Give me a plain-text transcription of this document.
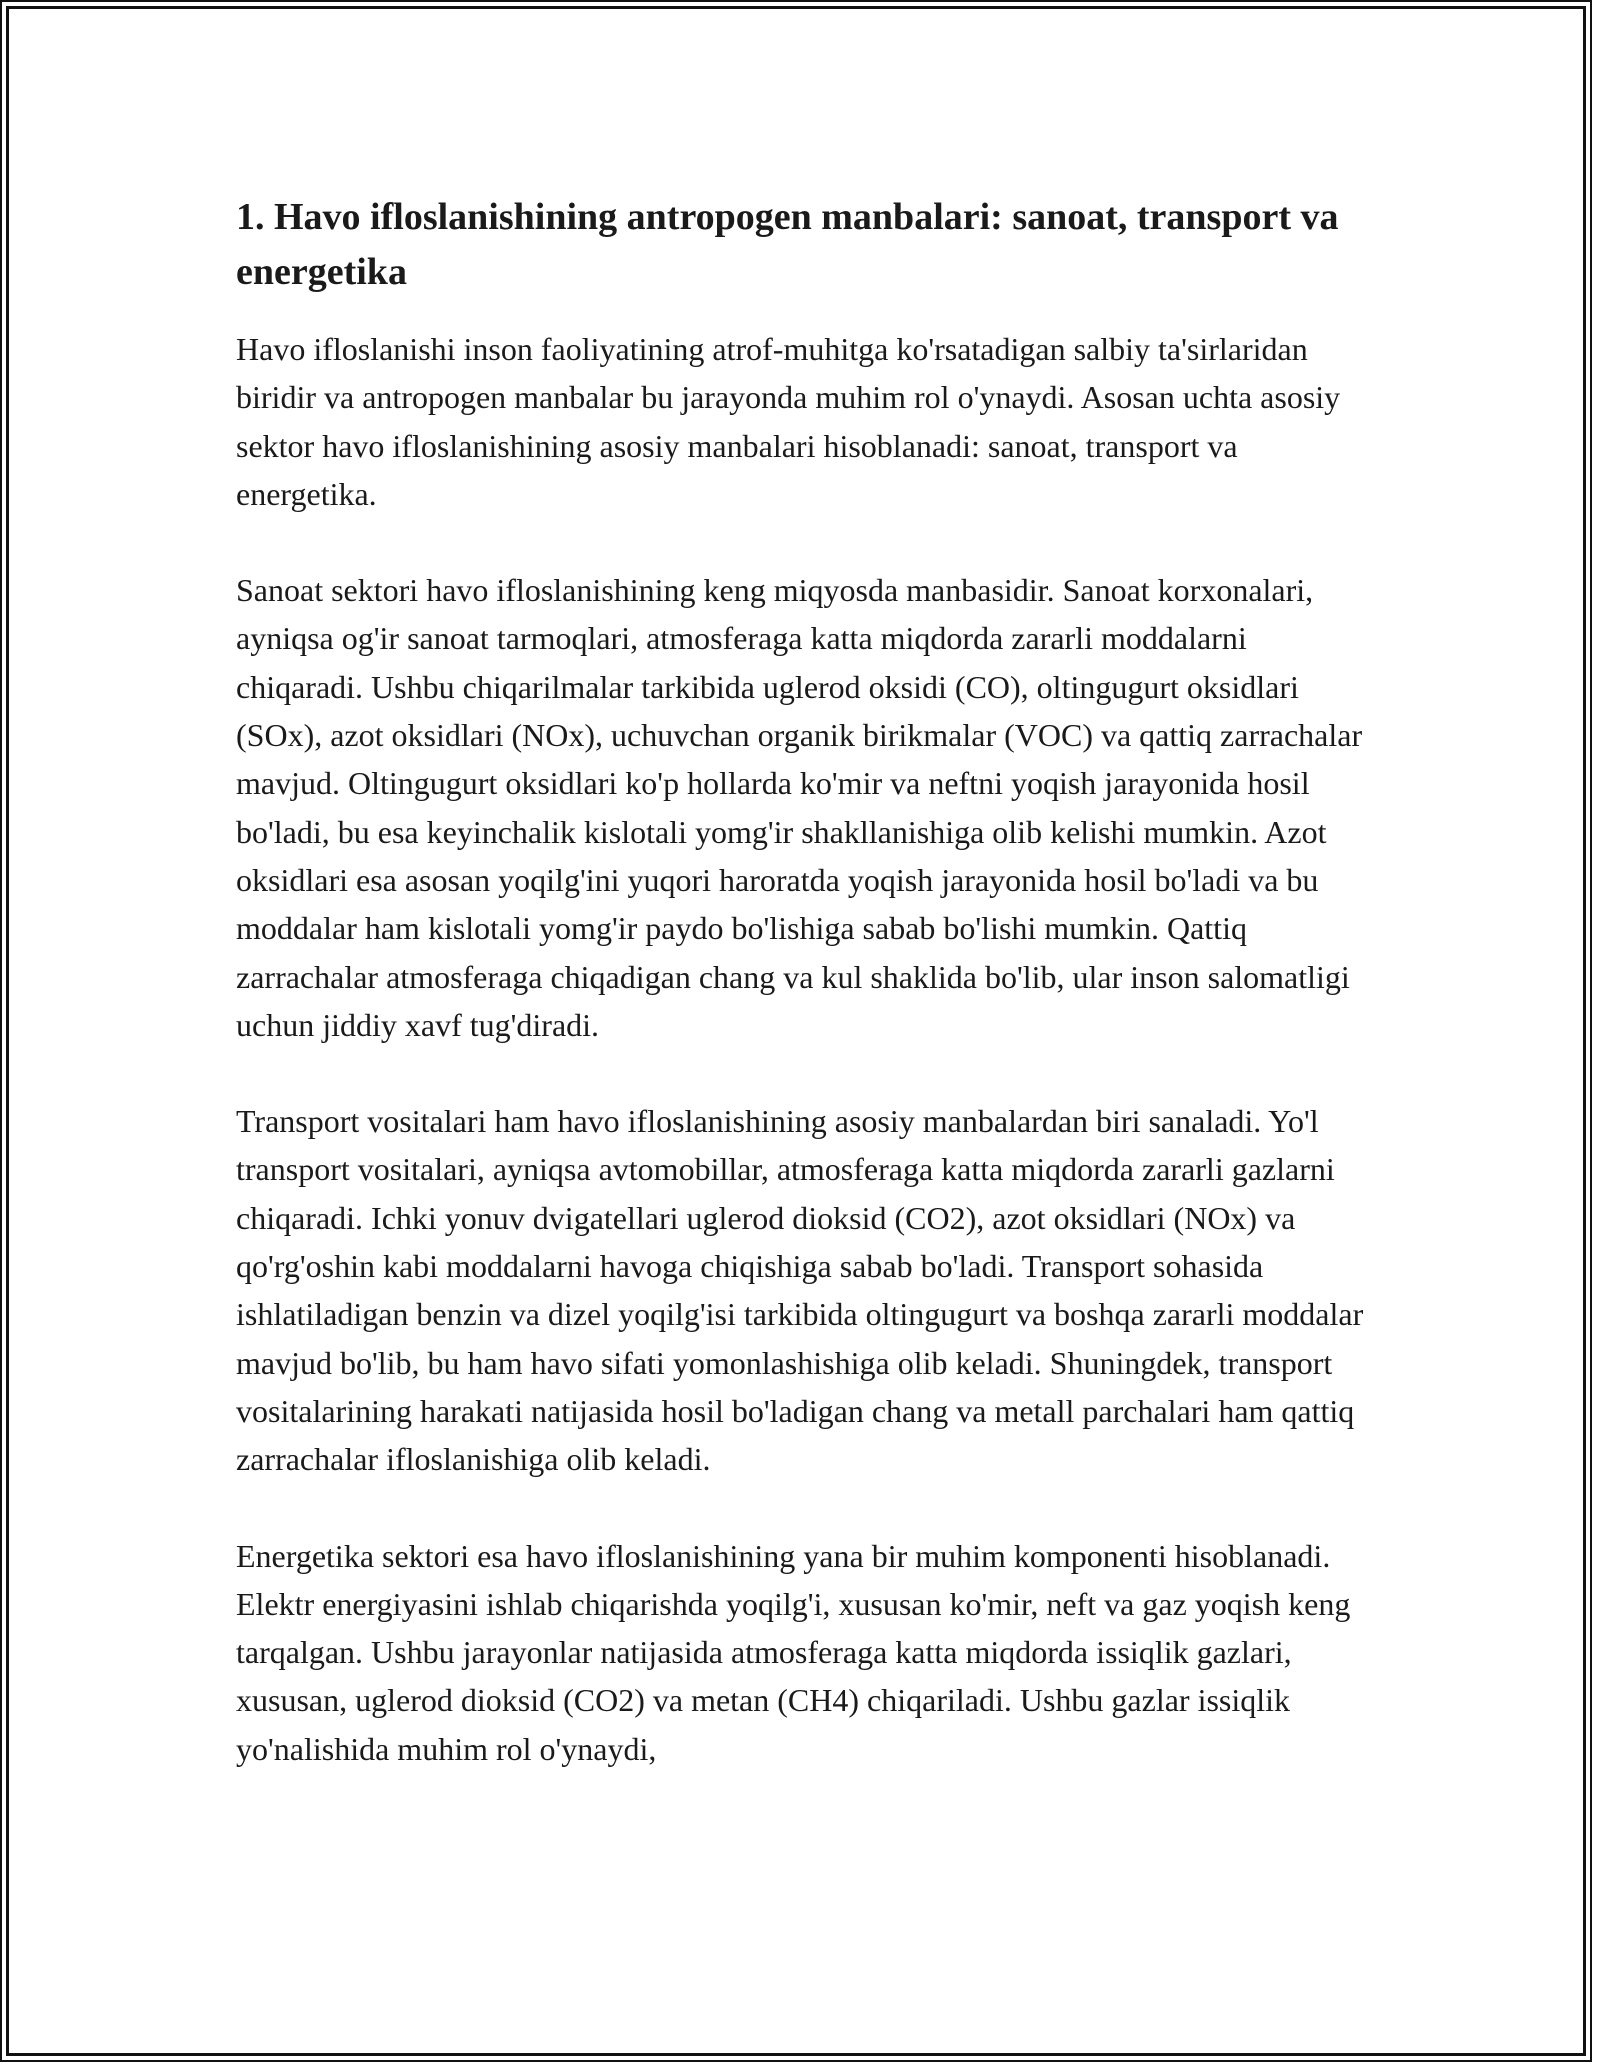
1. Havo ifloslanishining antropogen manbalari: sanoat, transport va energetika

Havo ifloslanishi inson faoliyatining atrof-muhitga ko'rsatadigan salbiy ta'sirlaridan biridir va antropogen manbalar bu jarayonda muhim rol o'ynaydi. Asosan uchta asosiy sektor havo ifloslanishining asosiy manbalari hisoblanadi: sanoat, transport va energetika.

Sanoat sektori havo ifloslanishining keng miqyosda manbasidir. Sanoat korxonalari, ayniqsa og'ir sanoat tarmoqlari, atmosferaga katta miqdorda zararli moddalarni chiqaradi. Ushbu chiqarilmalar tarkibida uglerod oksidi (CO), oltingugurt oksidlari (SOx), azot oksidlari (NOx), uchuvchan organik birikmalar (VOC) va qattiq zarrachalar mavjud. Oltingugurt oksidlari ko'p hollarda ko'mir va neftni yoqish jarayonida hosil bo'ladi, bu esa keyinchalik kislotali yomg'ir shakllanishiga olib kelishi mumkin. Azot oksidlari esa asosan yoqilg'ini yuqori haroratda yoqish jarayonida hosil bo'ladi va bu moddalar ham kislotali yomg'ir paydo bo'lishiga sabab bo'lishi mumkin. Qattiq zarrachalar atmosferaga chiqadigan chang va kul shaklida bo'lib, ular inson salomatligi uchun jiddiy xavf tug'diradi.

Transport vositalari ham havo ifloslanishining asosiy manbalardan biri sanaladi. Yo'l transport vositalari, ayniqsa avtomobillar, atmosferaga katta miqdorda zararli gazlarni chiqaradi. Ichki yonuv dvigatellari uglerod dioksid (CO2), azot oksidlari (NOx) va qo'rg'oshin kabi moddalarni havoga chiqishiga sabab bo'ladi. Transport sohasida ishlatiladigan benzin va dizel yoqilg'isi tarkibida oltingugurt va boshqa zararli moddalar mavjud bo'lib, bu ham havo sifati yomonlashishiga olib keladi. Shuningdek, transport vositalarining harakati natijasida hosil bo'ladigan chang va metall parchalari ham qattiq zarrachalar ifloslanishiga olib keladi.

Energetika sektori esa havo ifloslanishining yana bir muhim komponenti hisoblanadi. Elektr energiyasini ishlab chiqarishda yoqilg'i, xususan ko'mir, neft va gaz yoqish keng tarqalgan. Ushbu jarayonlar natijasida atmosferaga katta miqdorda issiqlik gazlari, xususan, uglerod dioksid (CO2) va metan (CH4) chiqariladi. Ushbu gazlar issiqlik yo'nalishida muhim rol o'ynaydi,
